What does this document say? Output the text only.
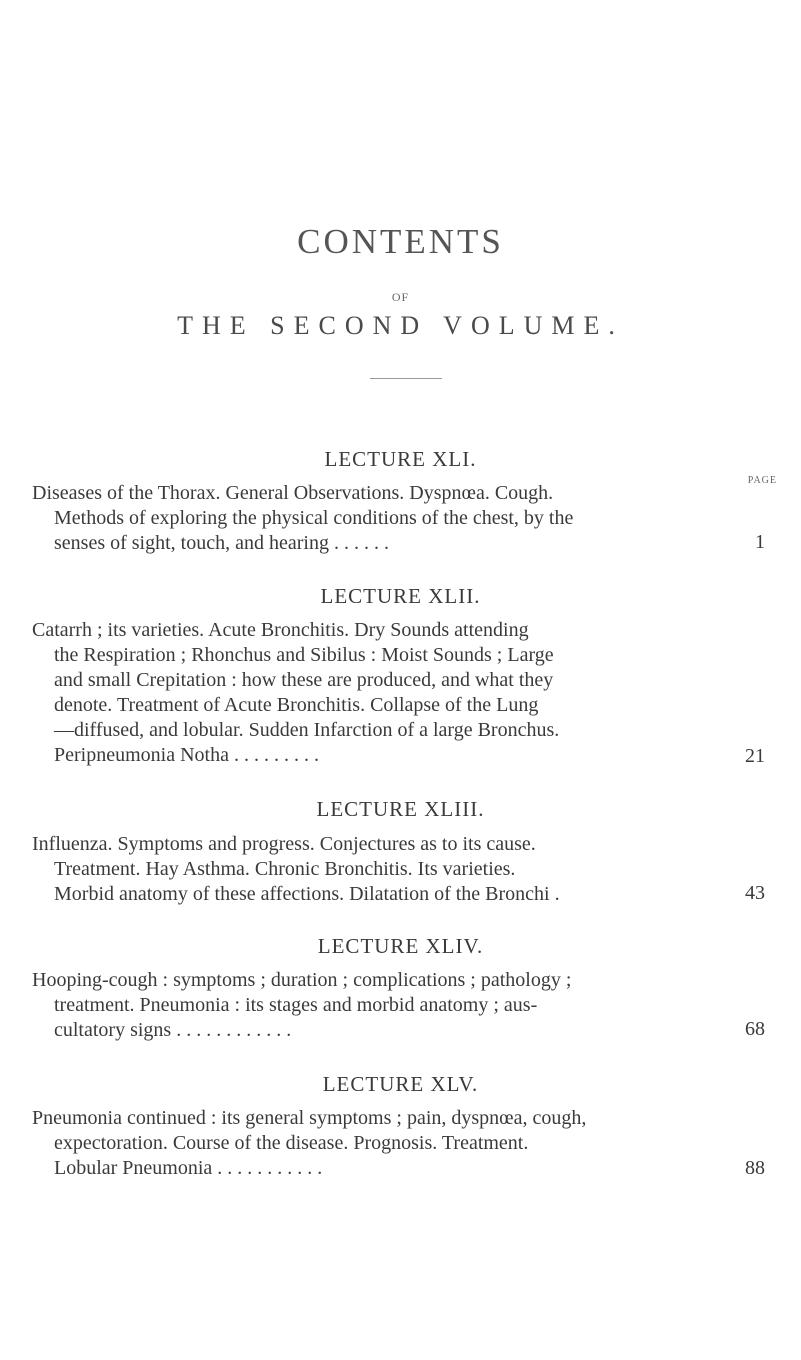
CONTENTS
OF
THE SECOND VOLUME.
LECTURE XLI.
PAGE
Diseases of the Thorax. General Observations. Dyspnœa. Cough.
Methods of exploring the physical conditions of the chest, by the
senses of sight, touch, and hearing . . . . . .	1
LECTURE XLII.
Catarrh ; its varieties. Acute Bronchitis. Dry Sounds attending
the Respiration ; Rhonchus and Sibilus : Moist Sounds ; Large
and small Crepitation : how these are produced, and what they
denote. Treatment of Acute Bronchitis. Collapse of the Lung
—diffused, and lobular. Sudden Infarction of a large Bronchus.
Peripneumonia Notha . . . . . . . . .	21
LECTURE XLIII.
Influenza. Symptoms and progress. Conjectures as to its cause.
Treatment. Hay Asthma. Chronic Bronchitis. Its varieties.
Morbid anatomy of these affections. Dilatation of the Bronchi .	43
LECTURE XLIV.
Hooping-cough : symptoms ; duration ; complications ; pathology ;
treatment. Pneumonia : its stages and morbid anatomy ; aus-
cultatory signs . . . . . . . . . . . .	68
LECTURE XLV.
Pneumonia continued : its general symptoms ; pain, dyspnœa, cough,
expectoration. Course of the disease. Prognosis. Treatment.
Lobular Pneumonia . . . . . . . . . . .	88
